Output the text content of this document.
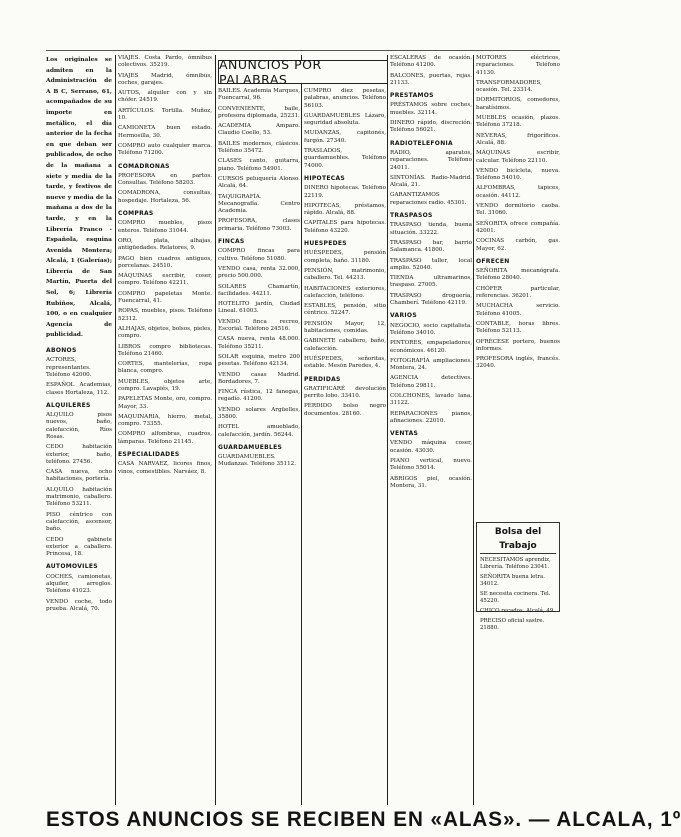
Los originales se admiten en la Administración de A B C, Serrano, 61, acompañados de su importe en metálico, el día anterior de la fecha en que deban ser publicados, de ocho de la mañana a siete y media de la tarde, y festivos de nueve y media de la mañana a dos de la tarde, y en la Librería Franco - Española, esquina Avenida Montera; Alcalá, 1 (Galerías); Librería de San Martín, Puerta del Sol, 6; Librería Rubiños, Alcalá, 100, o en cualquier Agencia de publicidad.
ABONOS
ACTORES, representantes. Teléfono 42000.
ESPAÑOL Academias, clases Hortaleza, 112.
ALQUILERES
ALQUILO pisos nuevos, baño, calefacción, Ríos Rosas.
CEDO habitación exterior, baño, teléfono. 27456.
CASA nueva, ocho habitaciones, portería.
ALQUILO habitación matrimonio, caballero. Teléfono 53211.
PISO céntrico con calefacción, ascensor, baño.
CEDO gabinete exterior a caballero. Princesa, 18.
AUTOMOVILES
COCHES, camionetas, alquiler, arreglos. Teléfono 41023.
VENDO coche, todo prueba. Alcalá, 70.
VIAJES. Costa Pardo, ómnibus colectivos. 35219.
VIAJES Madrid, ómnibus, coches, garajes.
AUTOS, alquiler con y sin chófer. 24519.
ARTÍCULOS. Tortilla. Muñoz, 10.
CAMIONETA buen estado. Hermosilla, 30.
COMPRO auto cualquier marca. Teléfono 71200.
COMADRONAS
PROFESORA en partos. Consultas. Teléfono 58203.
COMADRONA, consultas, hospedaje. Hortaleza, 56.
COMPRAS
COMPRO muebles, pisos enteros. Teléfono 31044.
ORO, plata, alhajas, antigüedades. Relatores, 9.
PAGO bien cuadros antiguos, porcelanas. 24510.
MÁQUINAS escribir, coser, compro. Teléfono 42211.
COMPRO papeletas Monte. Fuencarral, 41.
ROPAS, muebles, pisos. Teléfono 52312.
ALHAJAS, objetos, bolsos, pieles, compro.
LIBROS compro bibliotecas. Teléfono 21460.
CORTES, mantelerías, ropa blanca, compro.
MUEBLES, objetos arte, compro. Lavapiés, 19.
PAPELETAS Monte, oro, compro. Mayor, 33.
MAQUINARIA, hierro, metal, compro. 73355.
COMPRO alfombras, cuadros, lámparas. Teléfono 21145.
ESPECIALIDADES
CASA NARVAEZ, licores finos, vinos, comestibles. Narváez, 8.
BAILES. Academia Marques, Fuencarral, 96.
CONVENIENTE, baile, profesora diplomada, 25231.
ACADEMIA Amparo. Claudio Coello, 53.
BAILES modernos, clásicos. Teléfono 35472.
CLASES canto, guitarra, piano. Teléfono 54901.
CURSOS peluquería Alonso. Alcalá, 64.
TAQUIGRAFÍA. Mecanografía. Centro Academia.
PROFESORA, clases primaria. Teléfono 73003.
FINCAS
COMPRO fincas para cultivo. Teléfono 51080.
VENDO casa, renta 32.000, precio 500.000.
SOLARES Chamartín, facilidades. 44211.
HOTELITO jardín, Ciudad Lineal. 61003.
VENDO finca recreo, Escorial. Teléfono 24516.
CASA nueva, renta 48.000. Teléfono 35211.
SOLAR esquina, metro 200 pesetas. Teléfono 42134.
VENDO casas Madrid. Bordadores, 7.
FINCA rústica, 12 fanegas, regadío. 41200.
VENDO solares Argüelles, 35800.
HOTEL amueblado, calefacción, jardín. 56244.
GUARDAMUEBLES
GUARDAMUEBLES. Mudanzas. Teléfono 35112.
CUMPRO diez pesetas, palabras, anuncios. Teléfono 56103.
GUARDAMUEBLES Lázaro, seguridad absoluta.
MUDANZAS, capitonés, furgón. 27340.
TRASLADOS, guardamuebles. Teléfono 74000.
HIPOTECAS
DINERO hipotecas. Teléfono 22119.
HIPOTECAS, préstamos, rápido. Alcalá, 88.
CAPITALES para hipotecas. Teléfono 43220.
HUESPEDES
HUÉSPEDES, pensión completa, baño. 31180.
PENSIÓN, matrimonio, caballero. Tel. 44213.
HABITACIONES exteriores, calefacción, teléfono.
ESTABLES, pensión, sitio céntrico. 52247.
PENSIÓN Mayor, 12, habitaciones, comidas.
GABINETE caballero, baño, calefacción.
HUÉSPEDES, señoritas, estable. Mesón Paredes, 4.
PERDIDAS
GRATIFICARÉ devolución perrito lobo. 33410.
PERDIDO bolso negro documentos. 28160.
ESCALERAS de ocasión. Teléfono 41200.
BALCONES, puertas, rejas. 21133.
PRESTAMOS
PRÉSTAMOS sobre coches, muebles. 32114.
DINERO rápido, discreción. Teléfono 56021.
RADIOTELEFONIA
RADIO, aparatos, reparaciones. Teléfono 24011.
SINTONÍAS. Radio-Madrid. Alcalá, 21.
GARANTIZAMOS reparaciones radio. 45301.
TRASPASOS
TRASPASO tienda, buena situación. 33222.
TRASPASO bar, barrio Salamanca. 41800.
TRASPASO taller, local amplio. 52040.
TIENDA ultramarinos, traspaso. 27005.
TRASPASO droguería, Chamberí. Teléfono 42119.
VARIOS
NEGOCIO, socio capitalista. Teléfono 34010.
PINTORES, empapeladores, económicos. 46120.
FOTOGRAFÍA ampliaciones. Montera, 24.
AGENCIA detectives. Teléfono 29811.
COLCHONES, lavado lana. 31122.
REPARACIONES pianos, afinaciones. 22010.
VENTAS
VENDO máquina coser, ocasión. 43030.
PIANO vertical, nuevo. Teléfono 55014.
ABRIGOS piel, ocasión. Montera, 31.
MOTORES eléctricos, reparaciones. Teléfono 41130.
TRANSFORMADORES, ocasión. Tel. 23314.
DORMITORIOS, comedores, baratísimos.
MUEBLES ocasión, plazos. Teléfono 37218.
NEVERAS, frigoríficos. Alcalá, 88.
MÁQUINAS escribir, calcular. Teléfono 22110.
VENDO bicicleta, nueva. Teléfono 54010.
ALFOMBRAS, tapices, ocasión. 44112.
VENDO dormitorio caoba. Tel. 31060.
SEÑORITA ofrece compañía. 42001.
COCINAS carbón, gas. Mayor, 62.
OFRECEN
SEÑORITA mecanógrafa. Teléfono 28040.
CHÓFER particular, referencias. 36201.
MUCHACHA servicio. Teléfono 41005.
CONTABLE, horas libres. Teléfono 52113.
OFRÉCESE portero, buenos informes.
PROFESORA inglés, francés. 32040.
ANUNCIOS POR PALABRAS
Bolsa del Trabajo
NECESITAMOS aprendiz, Librería. Teléfono 23041.
SEÑORITA buena letra. 34012.
SE necesita cocinera. Tel. 45220.
CHICO recados. Alcalá, 49.
PRECISO oficial sastre. 21880.
ESTOS ANUNCIOS SE RECIBEN EN «ALAS». — ALCALA, 1º
